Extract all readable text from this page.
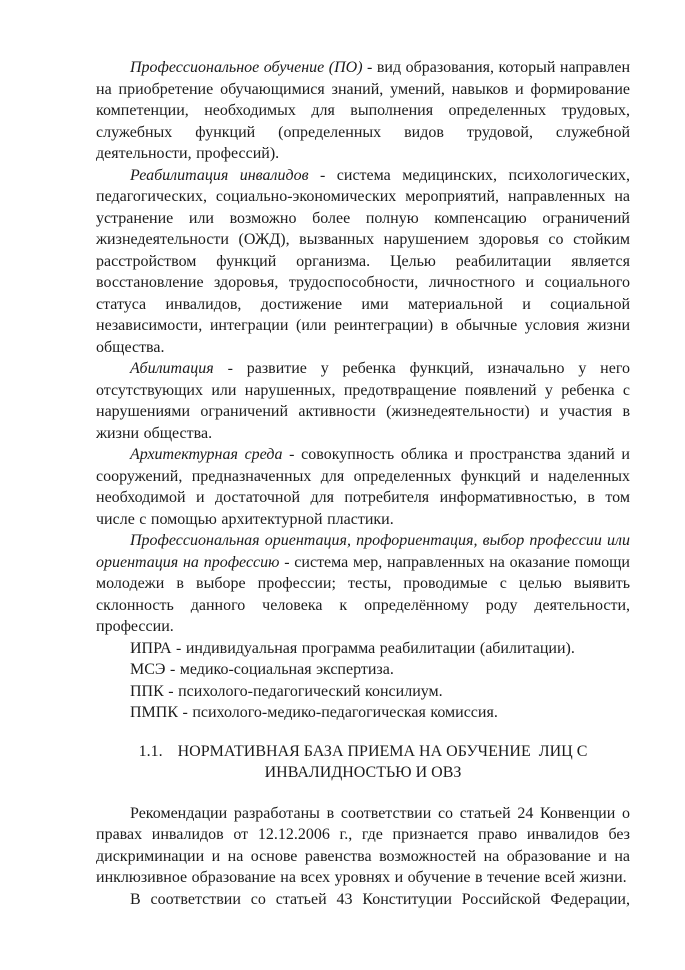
Профессиональное обучение (ПО) - вид образования, который направлен на приобретение обучающимися знаний, умений, навыков и формирование компетенции, необходимых для выполнения определенных трудовых, служебных функций (определенных видов трудовой, служебной деятельности, профессий).

Реабилитация инвалидов - система медицинских, психологических, педагогических, социально-экономических мероприятий, направленных на устранение или возможно более полную компенсацию ограничений жизнедеятельности (ОЖД), вызванных нарушением здоровья со стойким расстройством функций организма. Целью реабилитации является восстановление здоровья, трудоспособности, личностного и социального статуса инвалидов, достижение ими материальной и социальной независимости, интеграции (или реинтеграции) в обычные условия жизни общества.

Абилитация - развитие у ребенка функций, изначально у него отсутствующих или нарушенных, предотвращение появлений у ребенка с нарушениями ограничений активности (жизнедеятельности) и участия в жизни общества.

Архитектурная среда - совокупность облика и пространства зданий и сооружений, предназначенных для определенных функций и наделенных необходимой и достаточной для потребителя информативностью, в том числе с помощью архитектурной пластики.

Профессиональная ориентация, профориентация, выбор профессии или ориентация на профессию - система мер, направленных на оказание помощи молодежи в выборе профессии; тесты, проводимые с целью выявить склонность данного человека к определённому роду деятельности, профессии.

ИПРА - индивидуальная программа реабилитации (абилитации).

МСЭ - медико-социальная экспертиза.

ППК - психолого-педагогический консилиум.

ПМПК - психолого-медико-педагогическая комиссия.

1.1. НОРМАТИВНАЯ БАЗА ПРИЕМА НА ОБУЧЕНИЕ  ЛИЦ С ИНВАЛИДНОСТЬЮ И ОВЗ

Рекомендации разработаны в соответствии со статьей 24 Конвенции о правах инвалидов от 12.12.2006 г., где признается право инвалидов без дискриминации и на основе равенства возможностей на образование и на инклюзивное образование на всех уровнях и обучение в течение всей жизни.

В соответствии со статьей 43 Конституции Российской Федерации,
